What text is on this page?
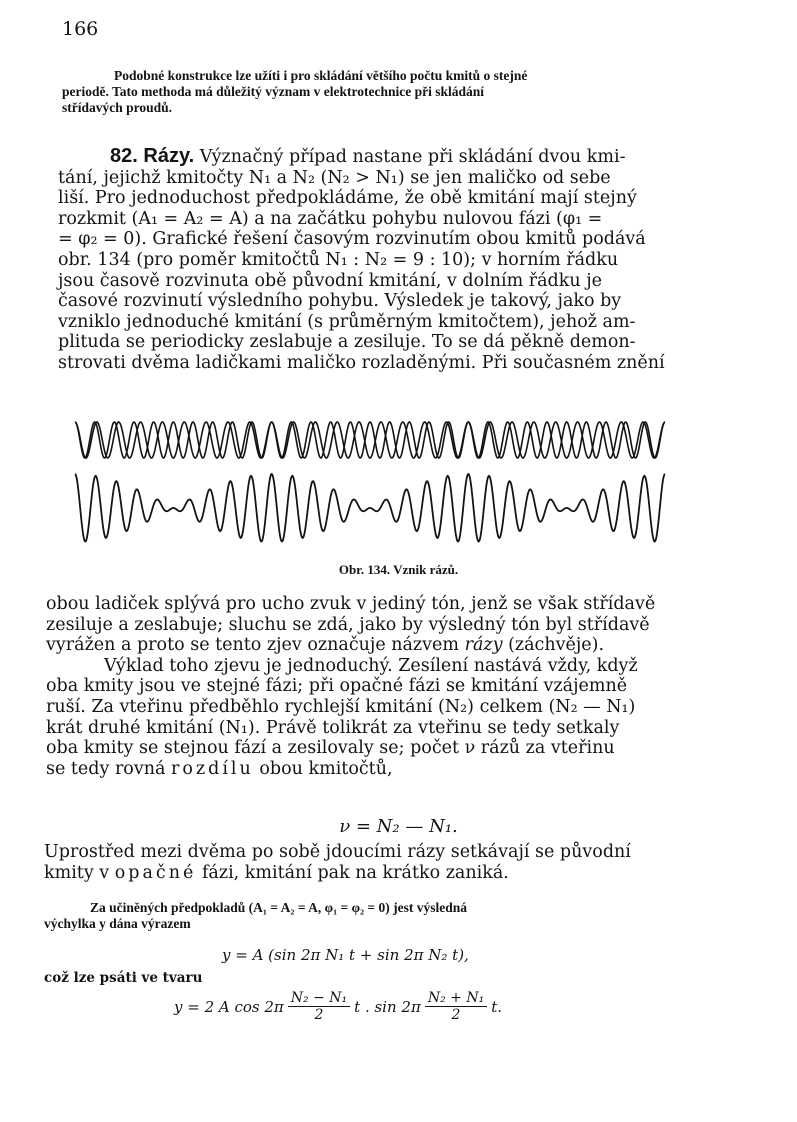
166
Podobné konstrukce lze užíti i pro skládání většího počtu kmitů o stejné
periodě. Tato methoda má důležitý význam v elektrotechnice při skládání
střídavých proudů.

82. Rázy. Význačný případ nastane při skládání dvou kmi-

tání, jejichž kmitočty N₁ a N₂ (N₂ > N₁) se jen maličko od sebe

liší. Pro jednoduchost předpokládáme, že obě kmitání mají stejný

rozkmit (A₁ = A₂ = A) a na začátku pohybu nulovou fázi (φ₁ =

= φ₂ = 0). Grafické řešení časovým rozvinutím obou kmitů podává

obr. 134 (pro poměr kmitočtů N₁ : N₂ = 9 : 10); v horním řádku

jsou časově rozvinuta obě původní kmitání, v dolním řádku je

časové rozvinutí výsledního pohybu. Výsledek je takový, jako by

vzniklo jednoduché kmitání (s průměrným kmitočtem), jehož am-

plituda se periodicky zeslabuje a zesiluje. To se dá pěkně demon-

strovati dvěma ladičkami maličko rozladěnými. Při současném znění

Obr. 134. Vznik rázů.

obou ladiček splývá pro ucho zvuk v jediný tón, jenž se však střídavě

zesiluje a zeslabuje; sluchu se zdá, jako by výsledný tón byl střídavě

vyrážen a proto se tento zjev označuje názvem rázy (záchvěje).

Výklad toho zjevu je jednoduchý. Zesílení nastává vždy, když

oba kmity jsou ve stejné fázi; při opačné fázi se kmitání vzájemně

ruší. Za vteřinu předběhlo rychlejší kmitání (N₂) celkem (N₂ — N₁)

krát druhé kmitání (N₁). Právě tolikrát za vteřinu se tedy setkaly

oba kmity se stejnou fází a zesilovaly se; počet ν rázů za vteřinu

se tedy rovná rozdílu obou kmitočtů,

ν = N₂ — N₁.

Uprostřed mezi dvěma po sobě jdoucími rázy setkávají se původní

kmity v opačné fázi, kmitání pak na krátko zaniká.

Za učiněných předpokladů (A₁ = A₂ = A, φ₁ = φ₂ = 0) jest výsledná

výchylka y dána výrazem

y = A (sin 2π N₁ t + sin 2π N₂ t),
což lze psáti ve tvaru
y = 2 A $\cos 2\pi \frac{\text{N₂ − N₁}}{2}$ t . $\sin 2\pi \frac{\text{N₂ + N₁}}{2} t$.
